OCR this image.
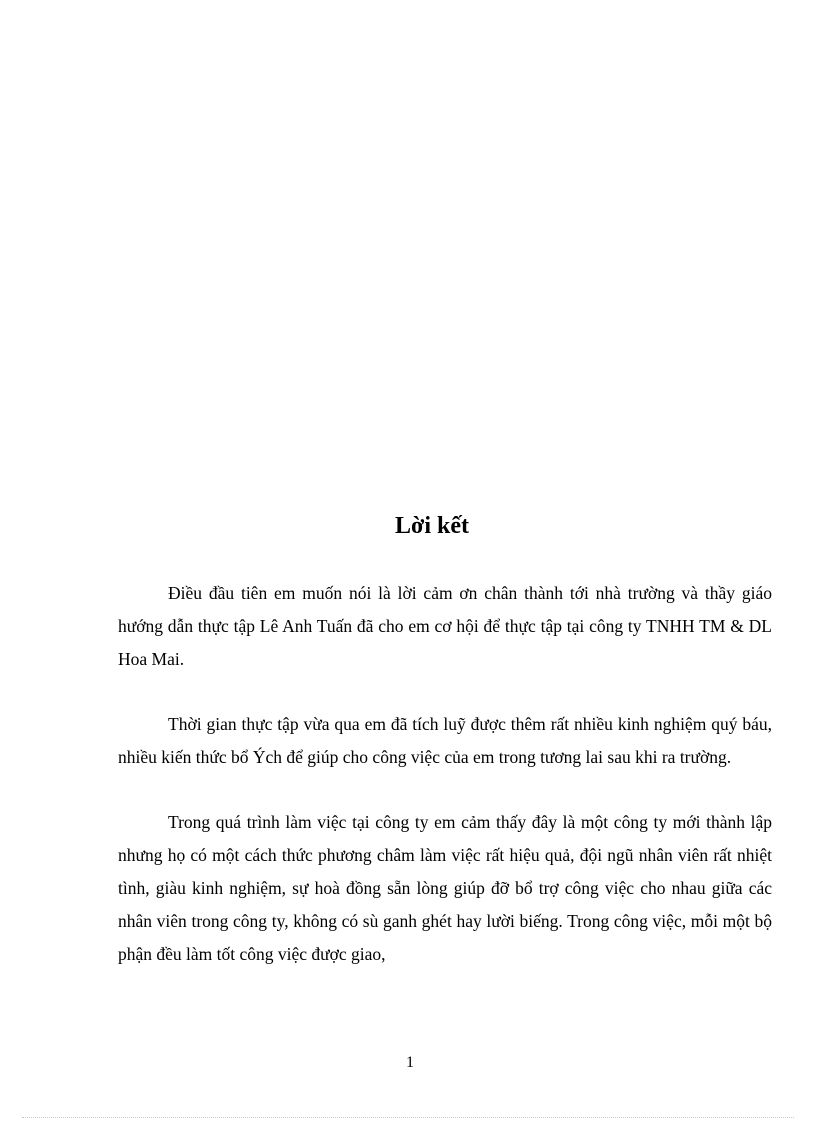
Lời kết

Điều đầu tiên em muốn nói là lời cảm ơn chân thành tới nhà trường và thầy giáo hướng dẫn thực tập Lê Anh Tuấn đã cho em cơ hội để thực tập tại công ty TNHH TM & DL Hoa Mai.

Thời gian thực tập vừa qua em đã tích luỹ được thêm rất nhiều kinh nghiệm quý báu, nhiều kiến thức bổ Ých để giúp cho công việc của em trong tương lai sau khi ra trường.

Trong quá trình làm việc tại công ty em cảm thấy đây là một công ty mới thành lập nhưng họ có một cách thức phương châm làm việc rất hiệu quả, đội ngũ nhân viên rất nhiệt tình, giàu kinh nghiệm, sự hoà đồng sẵn lòng giúp đỡ bổ trợ công việc cho nhau giữa các nhân viên trong công ty, không có sù ganh ghét hay lười biếng. Trong công việc, mỗi một bộ phận đều làm tốt công việc được giao,

1
